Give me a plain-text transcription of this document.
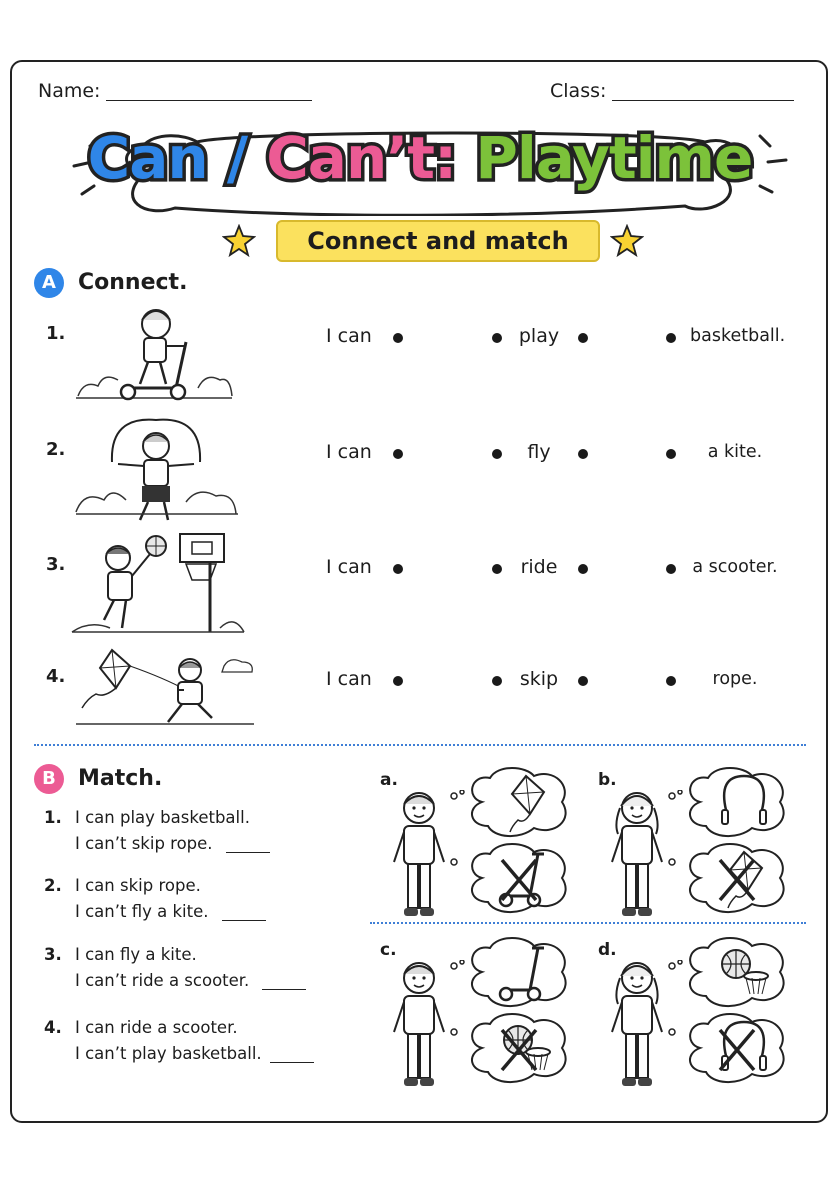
Name:	Class:
Can / Can’t: Playtime
Connect and match
A	Connect.
1.	I can	play	basketball.
2.	I can	fly	a kite.
3.	I can	ride	a scooter.
4.	I can	skip	rope.
B	Match.
1. I can play basketball.
I can’t skip rope.
2. I can skip rope.
I can’t fly a kite.
3. I can fly a kite.
I can’t ride a scooter.
4. I can ride a scooter.
I can’t play basketball.
a.	b.
c.	d.
